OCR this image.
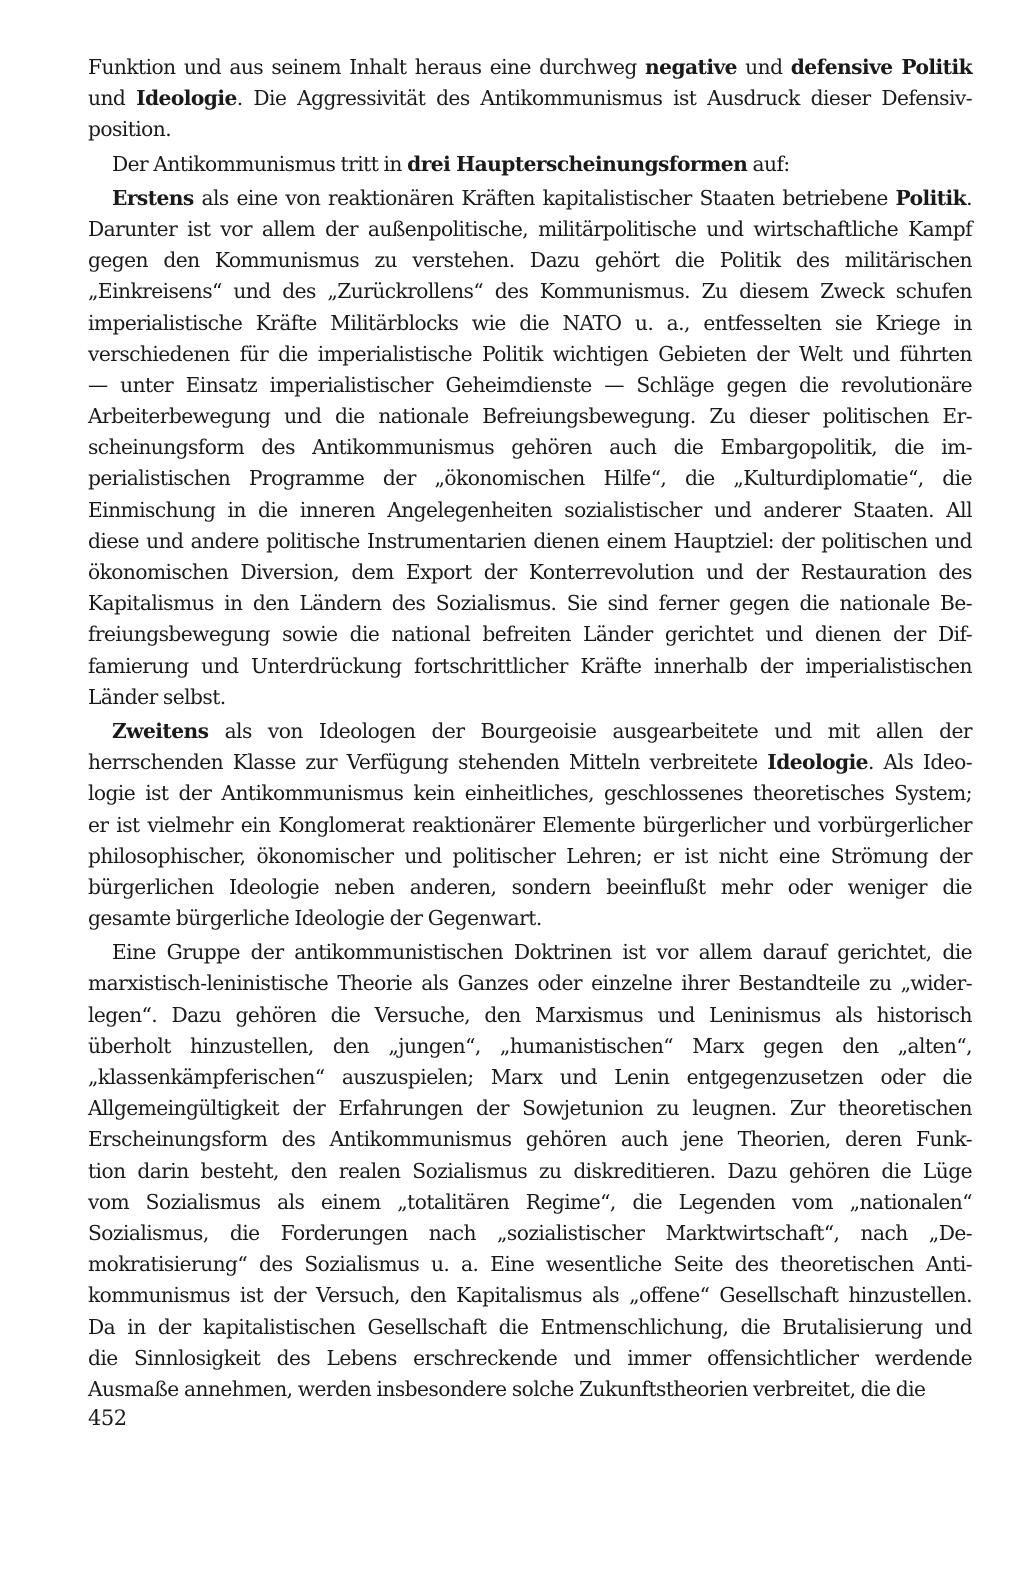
Funktion und aus seinem Inhalt heraus eine durchweg negative und defensive Politik
und Ideologie. Die Aggressivität des Antikommunismus ist Ausdruck dieser Defensiv-
position.
Der Antikommunismus tritt in drei Haupterscheinungsformen auf:
Erstens als eine von reaktionären Kräften kapitalistischer Staaten betriebene Politik.
Darunter ist vor allem der außenpolitische, militärpolitische und wirtschaftliche Kampf
gegen den Kommunismus zu verstehen. Dazu gehört die Politik des militärischen
„Einkreisens“ und des „Zurückrollens“ des Kommunismus. Zu diesem Zweck schufen
imperialistische Kräfte Militärblocks wie die NATO u. a., entfesselten sie Kriege in
verschiedenen für die imperialistische Politik wichtigen Gebieten der Welt und führten
— unter Einsatz imperialistischer Geheimdienste — Schläge gegen die revolutionäre
Arbeiterbewegung und die nationale Befreiungsbewegung. Zu dieser politischen Er-
scheinungsform des Antikommunismus gehören auch die Embargopolitik, die im-
perialistischen Programme der „ökonomischen Hilfe“, die „Kulturdiplomatie“, die
Einmischung in die inneren Angelegenheiten sozialistischer und anderer Staaten. All
diese und andere politische Instrumentarien dienen einem Hauptziel: der politischen und
ökonomischen Diversion, dem Export der Konterrevolution und der Restauration des
Kapitalismus in den Ländern des Sozialismus. Sie sind ferner gegen die nationale Be-
freiungsbewegung sowie die national befreiten Länder gerichtet und dienen der Dif-
famierung und Unterdrückung fortschrittlicher Kräfte innerhalb der imperialistischen
Länder selbst.
Zweitens als von Ideologen der Bourgeoisie ausgearbeitete und mit allen der
herrschenden Klasse zur Verfügung stehenden Mitteln verbreitete Ideologie. Als Ideo-
logie ist der Antikommunismus kein einheitliches, geschlossenes theoretisches System;
er ist vielmehr ein Konglomerat reaktionärer Elemente bürgerlicher und vorbürgerlicher
philosophischer, ökonomischer und politischer Lehren; er ist nicht eine Strömung der
bürgerlichen Ideologie neben anderen, sondern beeinflußt mehr oder weniger die
gesamte bürgerliche Ideologie der Gegenwart.
Eine Gruppe der antikommunistischen Doktrinen ist vor allem darauf gerichtet, die
marxistisch-leninistische Theorie als Ganzes oder einzelne ihrer Bestandteile zu „wider-
legen“. Dazu gehören die Versuche, den Marxismus und Leninismus als historisch
überholt hinzustellen, den „jungen“, „humanistischen“ Marx gegen den „alten“,
„klassenkämpferischen“ auszuspielen; Marx und Lenin entgegenzusetzen oder die
Allgemeingültigkeit der Erfahrungen der Sowjetunion zu leugnen. Zur theoretischen
Erscheinungsform des Antikommunismus gehören auch jene Theorien, deren Funk-
tion darin besteht, den realen Sozialismus zu diskreditieren. Dazu gehören die Lüge
vom Sozialismus als einem „totalitären Regime“, die Legenden vom „nationalen“
Sozialismus, die Forderungen nach „sozialistischer Marktwirtschaft“, nach „De-
mokratisierung“ des Sozialismus u. a. Eine wesentliche Seite des theoretischen Anti-
kommunismus ist der Versuch, den Kapitalismus als „offene“ Gesellschaft hinzustellen.
Da in der kapitalistischen Gesellschaft die Entmenschlichung, die Brutalisierung und
die Sinnlosigkeit des Lebens erschreckende und immer offensichtlicher werdende
Ausmaße annehmen, werden insbesondere solche Zukunftstheorien verbreitet, die die
452
